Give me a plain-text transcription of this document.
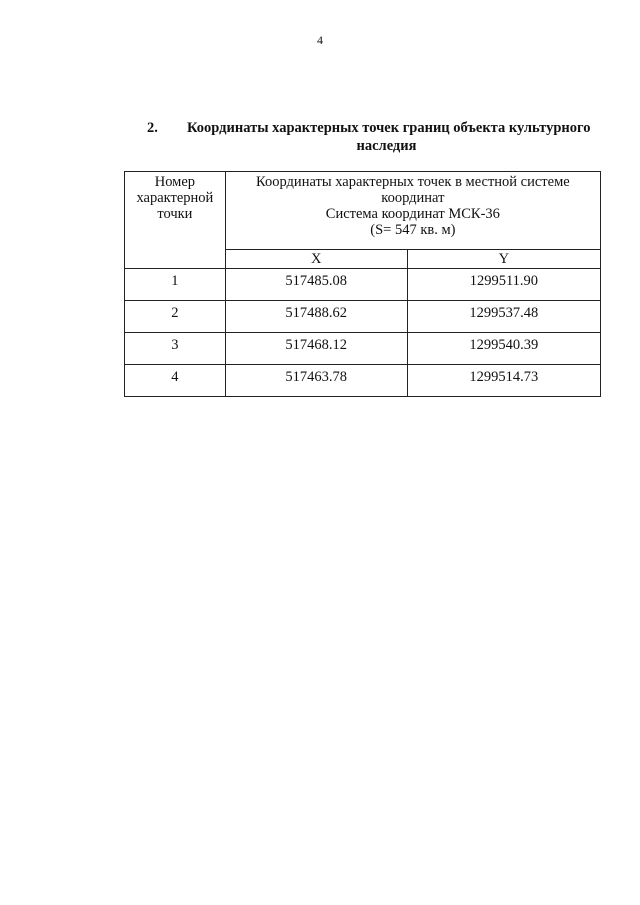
4
2.	Координаты характерных точек границ объекта культурного
наследия
Номер
характерной
точки	Координаты характерных точек в местной системе
координат
Система координат МСК-36
(S= 547 кв. м)	

	X	Y
1	517485.08	1299511.90
2	517488.62	1299537.48
3	517468.12	1299540.39
4	517463.78	1299514.73
